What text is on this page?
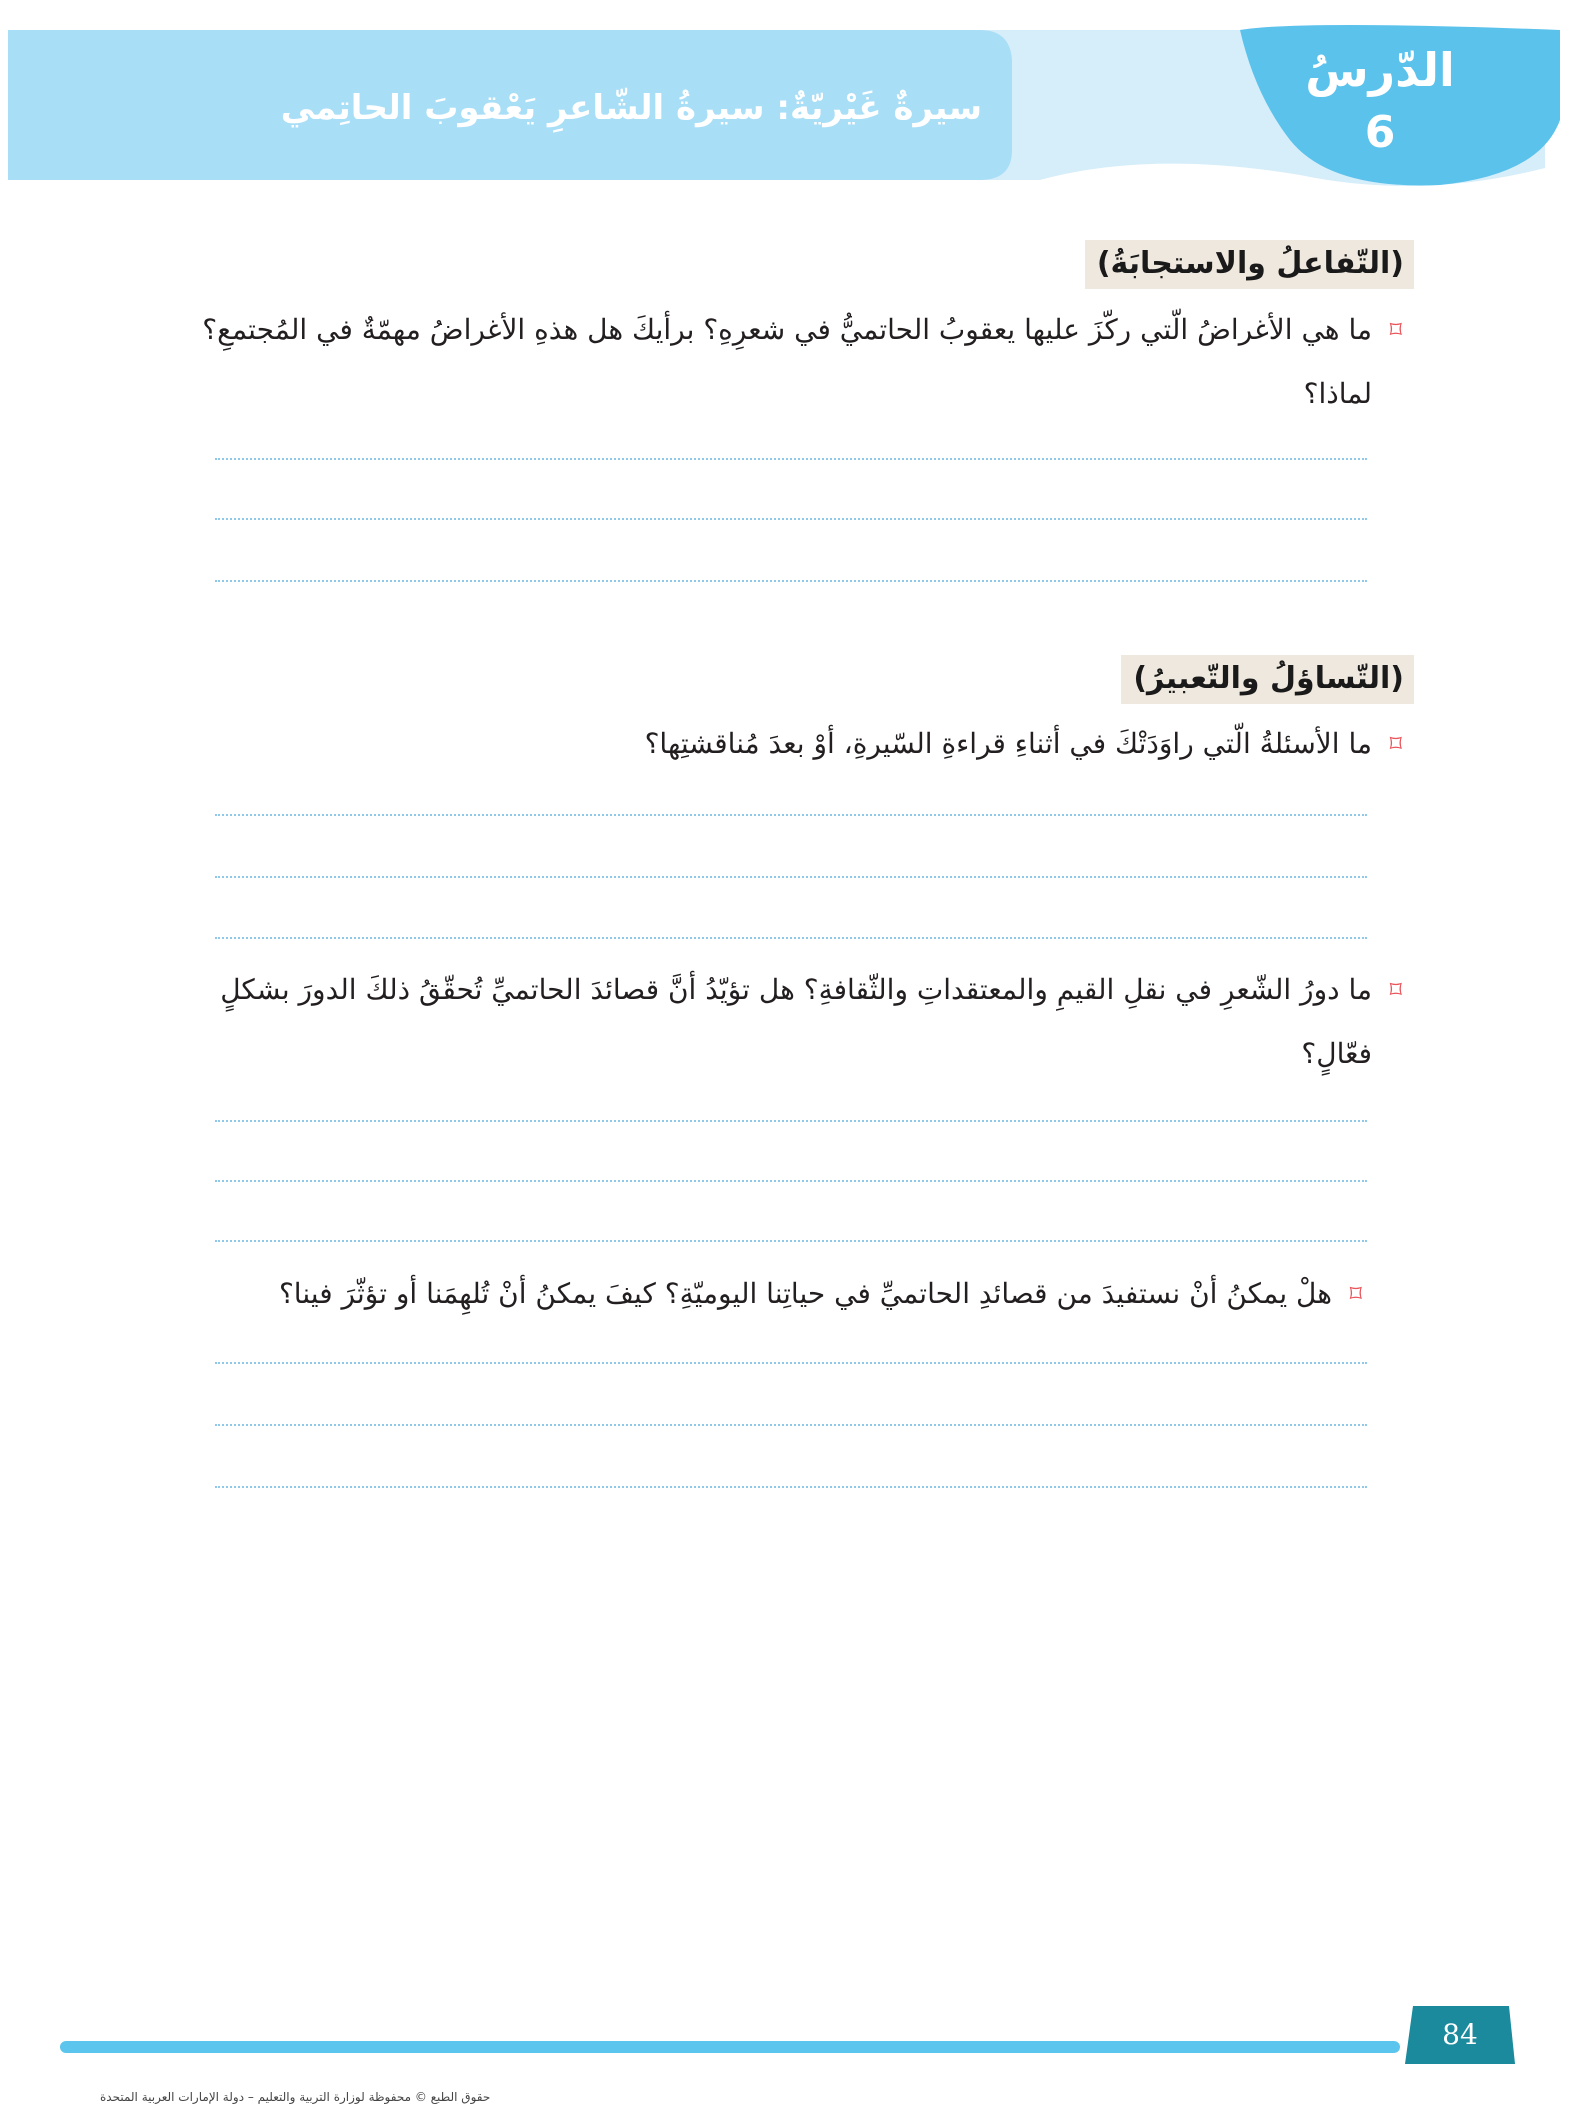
سيرةٌ غَيْريّةٌ: سيرةُ الشّاعرِ يَعْقوبَ الحاتِمي
الدّرسُ
6
(التّفاعلُ والاستجابَةُ)
⌑
ما هي الأغراضُ الّتي ركّزَ عليها يعقوبُ الحاتميُّ في شعرِهِ؟ برأيكَ هل هذهِ الأغراضُ مهمّةٌ في المُجتمعِ؟
لماذا؟
(التّساؤلُ والتّعبيرُ)
⌑
ما الأسئلةُ الّتي راوَدَتْكَ في أثناءِ قراءةِ السّيرةِ، أوْ بعدَ مُناقشتِها؟
⌑
ما دورُ الشّعرِ في نقلِ القيمِ والمعتقداتِ والثّقافةِ؟ هل تؤيّدُ أنَّ قصائدَ الحاتميِّ تُحقّقُ ذلكَ الدورَ بشكلٍ
فعّالٍ؟
⌑
هلْ يمكنُ أنْ نستفيدَ من قصائدِ الحاتميِّ في حياتِنا اليوميّةِ؟ كيفَ يمكنُ أنْ تُلهِمَنا أو تؤثّرَ فينا؟
84
حقوق الطبع © محفوظة لوزارة التربية والتعليم – دولة الإمارات العربية المتحدة
